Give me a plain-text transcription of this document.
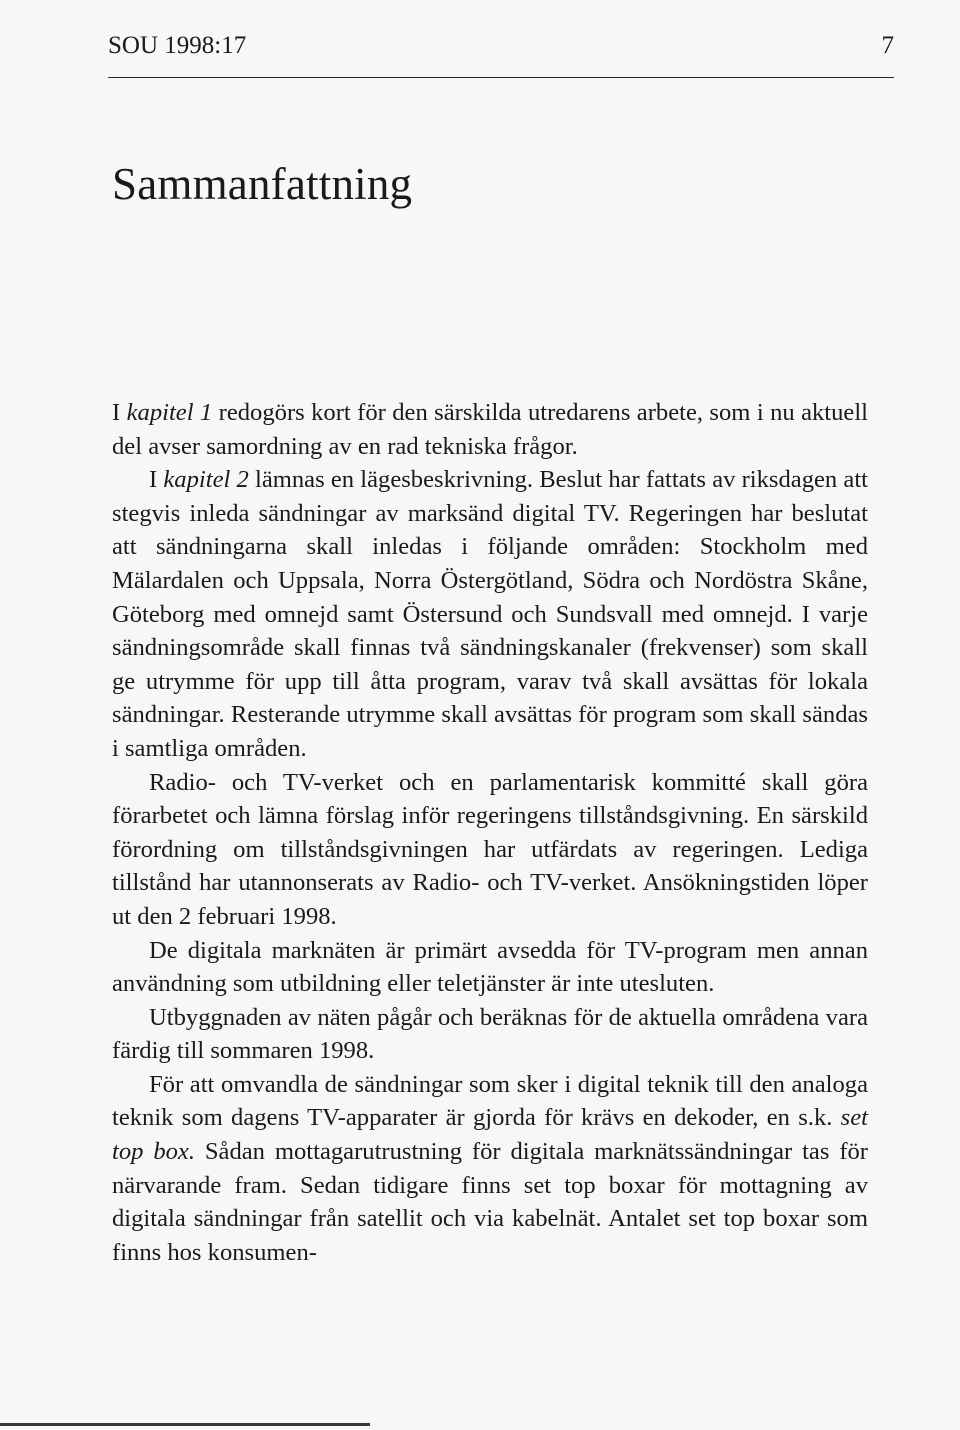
SOU 1998:17	7
Sammanfattning

I kapitel 1 redogörs kort för den särskilda utredarens arbete, som i nu aktuell del avser samordning av en rad tekniska frågor.

I kapitel 2 lämnas en lägesbeskrivning. Beslut har fattats av riksdagen att stegvis inleda sändningar av marksänd digital TV. Regeringen har beslutat att sändningarna skall inledas i följande områden: Stockholm med Mälardalen och Uppsala, Norra Östergötland, Södra och Nordöstra Skåne, Göteborg med omnejd samt Östersund och Sundsvall med omnejd. I varje sändningsområde skall finnas två sändningskanaler (frekvenser) som skall ge utrymme för upp till åtta program, varav två skall avsättas för lokala sändningar. Resterande utrymme skall avsättas för program som skall sändas i samtliga områden.

Radio- och TV-verket och en parlamentarisk kommitté skall göra förarbetet och lämna förslag inför regeringens tillståndsgivning. En särskild förordning om tillståndsgivningen har utfärdats av regeringen. Lediga tillstånd har utannonserats av Radio- och TV-verket. Ansökningstiden löper ut den 2 februari 1998.

De digitala marknäten är primärt avsedda för TV-program men annan användning som utbildning eller teletjänster är inte utesluten.

Utbyggnaden av näten pågår och beräknas för de aktuella områdena vara färdig till sommaren 1998.

För att omvandla de sändningar som sker i digital teknik till den analoga teknik som dagens TV-apparater är gjorda för krävs en dekoder, en s.k. set top box. Sådan mottagarutrustning för digitala marknätssändningar tas för närvarande fram. Sedan tidigare finns set top boxar för mottagning av digitala sändningar från satellit och via kabelnät. Antalet set top boxar som finns hos konsumen-
